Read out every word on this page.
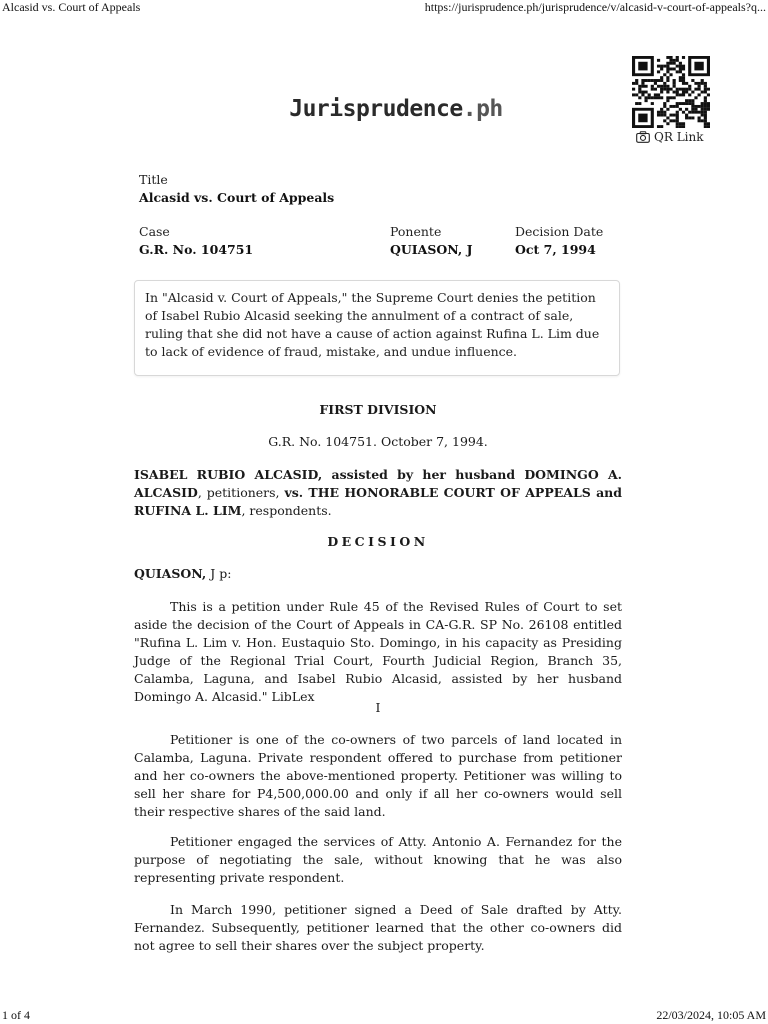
Alcasid vs. Court of Appeals	https://jurisprudence.ph/jurisprudence/v/alcasid-v-court-of-appeals?q...
Jurisprudence.ph
QR Link
Title
Alcasid vs. Court of Appeals
Case
G.R. No. 104751
Ponente
QUIASON, J
Decision Date
Oct 7, 1994
In "Alcasid v. Court of Appeals," the Supreme Court denies the petition of Isabel Rubio Alcasid seeking the annulment of a contract of sale, ruling that she did not have a cause of action against Rufina L. Lim due to lack of evidence of fraud, mistake, and undue influence.
FIRST DIVISION
G.R. No. 104751. October 7, 1994.
ISABEL RUBIO ALCASID, assisted by her husband DOMINGO A. ALCASID, petitioners, vs. THE HONORABLE COURT OF APPEALS and RUFINA L. LIM, respondents.
DECISION
QUIASON, J p:
This is a petition under Rule 45 of the Revised Rules of Court to set aside the decision of the Court of Appeals in CA-G.R. SP No. 26108 entitled "Rufina L. Lim v. Hon. Eustaquio Sto. Domingo, in his capacity as Presiding Judge of the Regional Trial Court, Fourth Judicial Region, Branch 35, Calamba, Laguna, and Isabel Rubio Alcasid, assisted by her husband Domingo A. Alcasid." LibLex
I
Petitioner is one of the co-owners of two parcels of land located in Calamba, Laguna. Private respondent offered to purchase from petitioner and her co-owners the above-mentioned property. Petitioner was willing to sell her share for P4,500,000.00 and only if all her co-owners would sell their respective shares of the said land.
Petitioner engaged the services of Atty. Antonio A. Fernandez for the purpose of negotiating the sale, without knowing that he was also representing private respondent.
In March 1990, petitioner signed a Deed of Sale drafted by Atty. Fernandez. Subsequently, petitioner learned that the other co-owners did not agree to sell their shares over the subject property.
1 of 4	22/03/2024, 10:05 AM
